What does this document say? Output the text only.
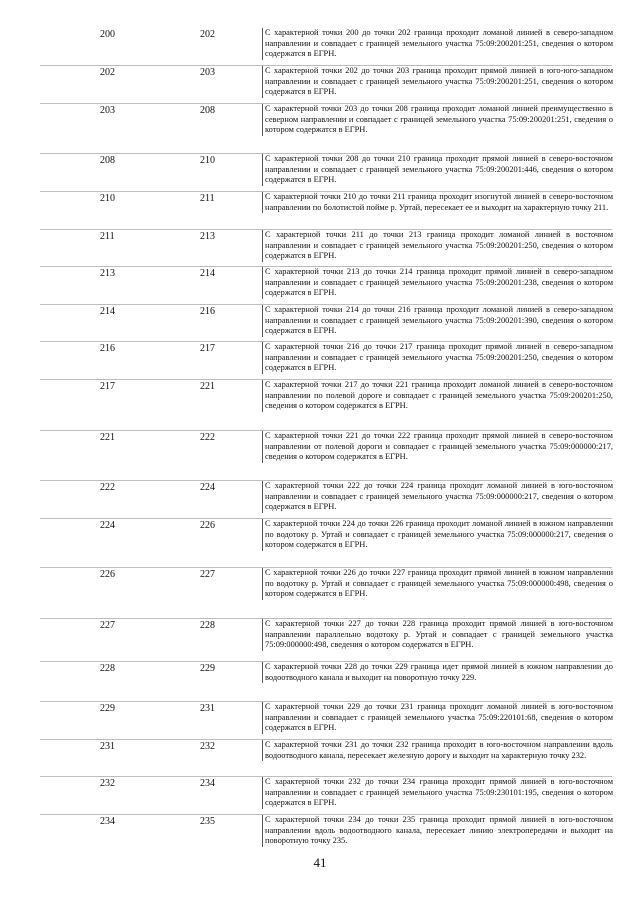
200	202	С характерной точки 200 до точки 202 граница проходит ломаной линией в северо-западном направлении и совпадает с границей земельного участка 75:09:200201:251, сведения о котором содержатся в ЕГРН.
202	203	С характерной точки 202 до точки 203 граница проходит прямой линией в юго-юго-западном направлении и совпадает с границей земельного участка 75:09:200201:251, сведения о котором содержатся в ЕГРН.
203	208	С характерной точки 203 до точки 208 граница проходит ломаной линией преимущественно в северном направлении и совпадает с границей земельного участка 75:09:200201:251, сведения о котором содержатся в ЕГРН.
208	210	С характерной точки 208 до точки 210 граница проходит прямой линией в северо-восточном направлении и совпадает с границей земельного участка 75:09:200201:446, сведения о котором содержатся в ЕГРН.
210	211	С характерной точки 210 до точки 211 граница проходит изогнутой линией в северо-восточном направлении по болотистой пойме р. Уртай, пересекает ее и выходит на характерную точку 211.
211	213	С характерной точки 211 до точки 213 граница проходит ломаной линией в восточном направлении и совпадает с границей земельного участка 75:09:200201:250, сведения о котором содержатся в ЕГРН.
213	214	С характерной точки 213 до точки 214 граница проходит прямой линией в северо-западном направлении и совпадает с границей земельного участка 75:09:200201:238, сведения о котором содержатся в ЕГРН.
214	216	С характерной точки 214 до точки 216 граница проходит ломаной линией в северо-западном направлении и совпадает с границей земельного участка 75:09:200201:390, сведения о котором содержатся в ЕГРН.
216	217	С характерной точки 216 до точки 217 граница проходит прямой линией в северо-западном направлении и совпадает с границей земельного участка 75:09:200201:250, сведения о котором содержатся в ЕГРН.
217	221	С характерной точки 217 до точки 221 граница проходит ломаной линией в северо-восточном направлении по полевой дороге и совпадает с границей земельного участка 75:09:200201:250, сведения о котором содержатся в ЕГРН.
221	222	С характерной точки 221 до точки 222 граница проходит прямой линией в северо-восточном направлении от полевой дороги и совпадает с границей земельного участка 75:09:000000:217, сведения о котором содержатся в ЕГРН.
222	224	С характерной точки 222 до точки 224 граница проходит ломаной линией в юго-восточном направлении и совпадает с границей земельного участка 75:09:000000:217, сведения о котором содержатся в ЕГРН.
224	226	С характерной точки 224 до точки 226 граница проходит ломаной линией в южном направлении по водотоку р. Уртай и совпадает с границей земельного участка 75:09:000000:217, сведения о котором содержатся в ЕГРН.
226	227	С характерной точки 226 до точки 227 граница проходит прямой линией в южном направлении по водотоку р. Уртай и совпадает с границей земельного участка 75:09:000000:498, сведения о котором содержатся в ЕГРН.
227	228	С характерной точки 227 до точки 228 граница проходит прямой линией в юго-восточном направлении параллельно водотоку р. Уртай и совпадает с границей земельного участка 75:09:000000:498, сведения о котором содержатся в ЕГРН.
228	229	С характерной точки 228 до точки 229 граница идет прямой линией в южном направлении до водоотводного канала и выходит на поворотную точку 229.
229	231	С характерной точки 229 до точки 231 граница проходит ломаной линией в юго-восточном направлении и совпадает с границей земельного участка 75:09:220101:68, сведения о котором содержатся в ЕГРН.
231	232	С характерной точки 231 до точки 232 граница проходит в юго-восточном направлении вдоль водоотводного канала, пересекает железную дорогу и выходит на характерную точку 232.
232	234	С характерной точки 232 до точки 234 граница проходит прямой линией в юго-восточном направлении и совпадает с границей земельного участка 75:09:230101:195, сведения о котором содержатся в ЕГРН.
234	235	С характерной точки 234 до точки 235 граница проходит прямой линией в юго-восточном направлении вдоль водоотводного канала, пересекает линию электропередачи и выходит на поворотную точку 235.
41
